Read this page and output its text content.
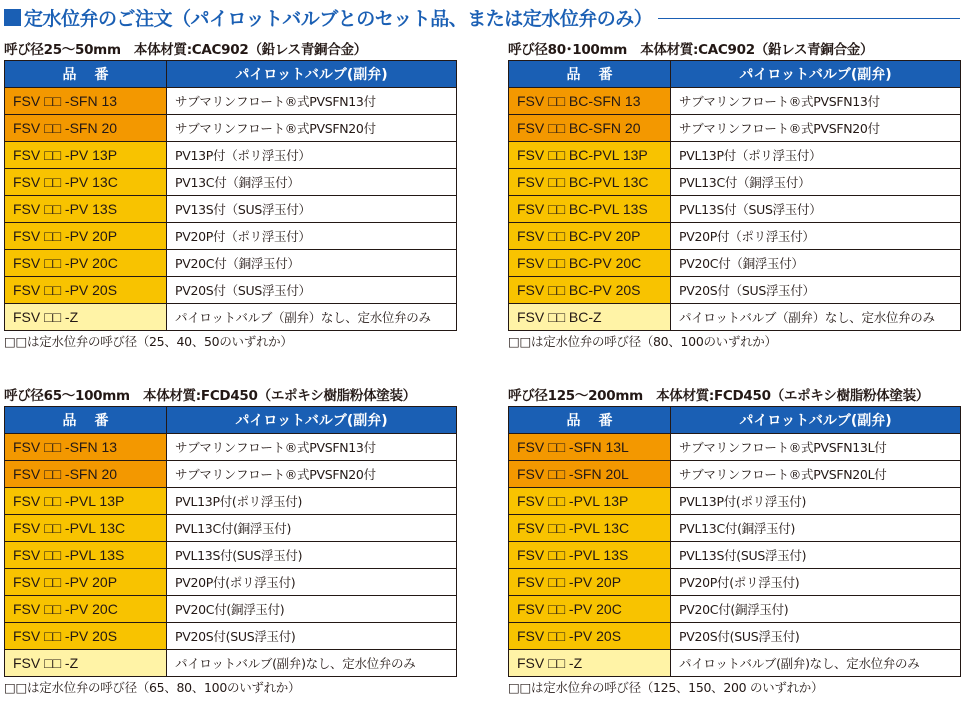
定水位弁のご注文（パイロットバルブとのセット品、または定水位弁のみ）
呼び径25～50mm　本体材質:CAC902（鉛レス青銅合金）
品番	パイロットバルブ(副弁)
FSV □□ -SFN 13	サブマリンフロート®式PVSFN13付
FSV □□ -SFN 20	サブマリンフロート®式PVSFN20付
FSV □□ -PV 13P	PV13P付（ポリ浮玉付）
FSV □□ -PV 13C	PV13C付（銅浮玉付）
FSV □□ -PV 13S	PV13S付（SUS浮玉付）
FSV □□ -PV 20P	PV20P付（ポリ浮玉付）
FSV □□ -PV 20C	PV20C付（銅浮玉付）
FSV □□ -PV 20S	PV20S付（SUS浮玉付）
FSV □□ -Z	パイロットバルブ（副弁）なし、定水位弁のみ
□□は定水位弁の呼び径（25、40、50のいずれか）
呼び径80･100mm　本体材質:CAC902（鉛レス青銅合金）
品番	パイロットバルブ(副弁)
FSV □□ BC-SFN 13	サブマリンフロート®式PVSFN13付
FSV □□ BC-SFN 20	サブマリンフロート®式PVSFN20付
FSV □□ BC-PVL 13P	PVL13P付（ポリ浮玉付）
FSV □□ BC-PVL 13C	PVL13C付（銅浮玉付）
FSV □□ BC-PVL 13S	PVL13S付（SUS浮玉付）
FSV □□ BC-PV 20P	PV20P付（ポリ浮玉付）
FSV □□ BC-PV 20C	PV20C付（銅浮玉付）
FSV □□ BC-PV 20S	PV20S付（SUS浮玉付）
FSV □□ BC-Z	パイロットバルブ（副弁）なし、定水位弁のみ
□□は定水位弁の呼び径（80、100のいずれか）
呼び径65～100mm　本体材質:FCD450（エポキシ樹脂粉体塗装）
品番	パイロットバルブ(副弁)
FSV □□ -SFN 13	サブマリンフロート®式PVSFN13付
FSV □□ -SFN 20	サブマリンフロート®式PVSFN20付
FSV □□ -PVL 13P	PVL13P付(ポリ浮玉付)
FSV □□ -PVL 13C	PVL13C付(銅浮玉付)
FSV □□ -PVL 13S	PVL13S付(SUS浮玉付)
FSV □□ -PV 20P	PV20P付(ポリ浮玉付)
FSV □□ -PV 20C	PV20C付(銅浮玉付)
FSV □□ -PV 20S	PV20S付(SUS浮玉付)
FSV □□ -Z	パイロットバルブ(副弁)なし、定水位弁のみ
□□は定水位弁の呼び径（65、80、100のいずれか）
呼び径125～200mm　本体材質:FCD450（エポキシ樹脂粉体塗装）
品番	パイロットバルブ(副弁)
FSV □□ -SFN 13L	サブマリンフロート®式PVSFN13L付
FSV □□ -SFN 20L	サブマリンフロート®式PVSFN20L付
FSV □□ -PVL 13P	PVL13P付(ポリ浮玉付)
FSV □□ -PVL 13C	PVL13C付(銅浮玉付)
FSV □□ -PVL 13S	PVL13S付(SUS浮玉付)
FSV □□ -PV 20P	PV20P付(ポリ浮玉付)
FSV □□ -PV 20C	PV20C付(銅浮玉付)
FSV □□ -PV 20S	PV20S付(SUS浮玉付)
FSV □□ -Z	パイロットバルブ(副弁)なし、定水位弁のみ
□□は定水位弁の呼び径（125、150、200 のいずれか）
